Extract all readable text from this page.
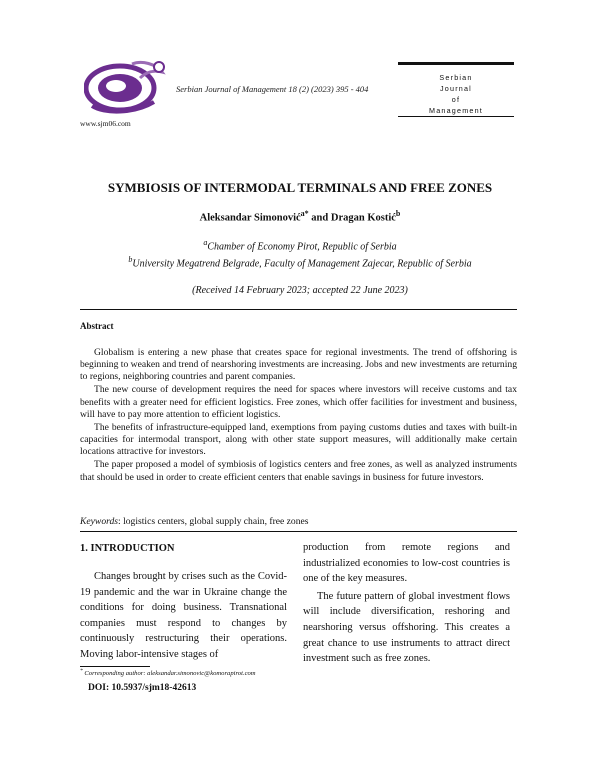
www.sjm06.com
Serbian Journal of Management 18 (2) (2023) 395 - 404
Serbian
Journal
of
Management
SYMBIOSIS OF INTERMODAL TERMINALS AND FREE ZONES
Aleksandar Simonović$^{a*}$ and Dragan Kostić$^b$
$^a$Chamber of Economy Pirot, Republic of Serbia
$^b$University Megatrend Belgrade, Faculty of Management Zajecar, Republic of Serbia
(Received 14 February 2023; accepted 22 June 2023)
Abstract

Globalism is entering a new phase that creates space for regional investments. The trend of offshoring is beginning to weaken and trend of nearshoring investments are increasing. Jobs and new investments are returning to regions, neighboring countries and parent companies.

The new course of development requires the need for spaces where investors will receive customs and tax benefits with a greater need for efficient logistics. Free zones, which offer facilities for investment and business, will have to pay more attention to efficient logistics.

The benefits of infrastructure-equipped land, exemptions from paying customs duties and taxes with built-in capacities for intermodal transport, along with other state support measures, will additionally make certain locations attractive for investors.

The paper proposed a model of symbiosis of logistics centers and free zones, as well as analyzed instruments that should be used in order to create efficient centers that enable savings in business for future investors.

Keywords: logistics centers, global supply chain, free zones
1. INTRODUCTION

Changes brought by crises such as the Covid-19 pandemic and the war in Ukraine change the conditions for doing business. Transnational companies must respond to changes by continuously restructuring their operations. Moving labor-intensive stages of

production from remote regions and industrialized economies to low-cost countries is one of the key measures.

The future pattern of global investment flows will include diversification, reshoring and nearshoring versus offshoring. This creates a great chance to use instruments to attract direct investment such as free zones.

* Corresponding author: aleksandar.simonovic@komorapirot.com
DOI: 10.5937/sjm18-42613
